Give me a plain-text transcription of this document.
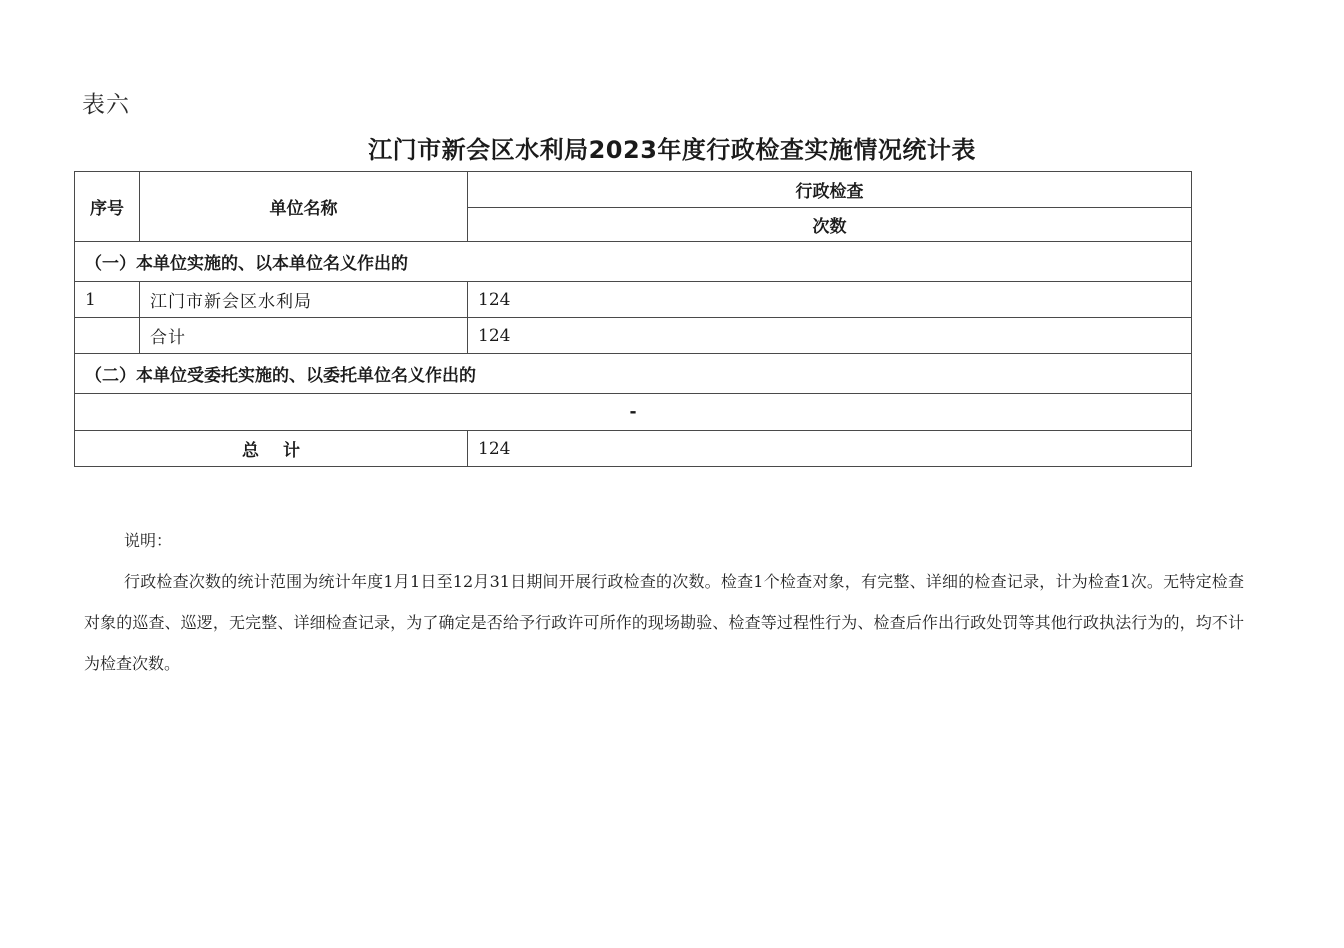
表六
江门市新会区水利局2023年度行政检查实施情况统计表
序号	单位名称	行政检查
		次数
（一）本单位实施的、以本单位名义作出的		
1	江门市新会区水利局	124
	合计	124
（二）本单位受委托实施的、以委托单位名义作出的		
-		
总 计		124
说明：

行政检查次数的统计范围为统计年度1月1日至12月31日期间开展行政检查的次数。检查1个检查对象，有完整、详细的检查记录，计为检查1次。无特定检查对象的巡查、巡逻，无完整、详细检查记录，为了确定是否给予行政许可所作的现场勘验、检查等过程性行为、检查后作出行政处罚等其他行政执法行为的，均不计为检查次数。
